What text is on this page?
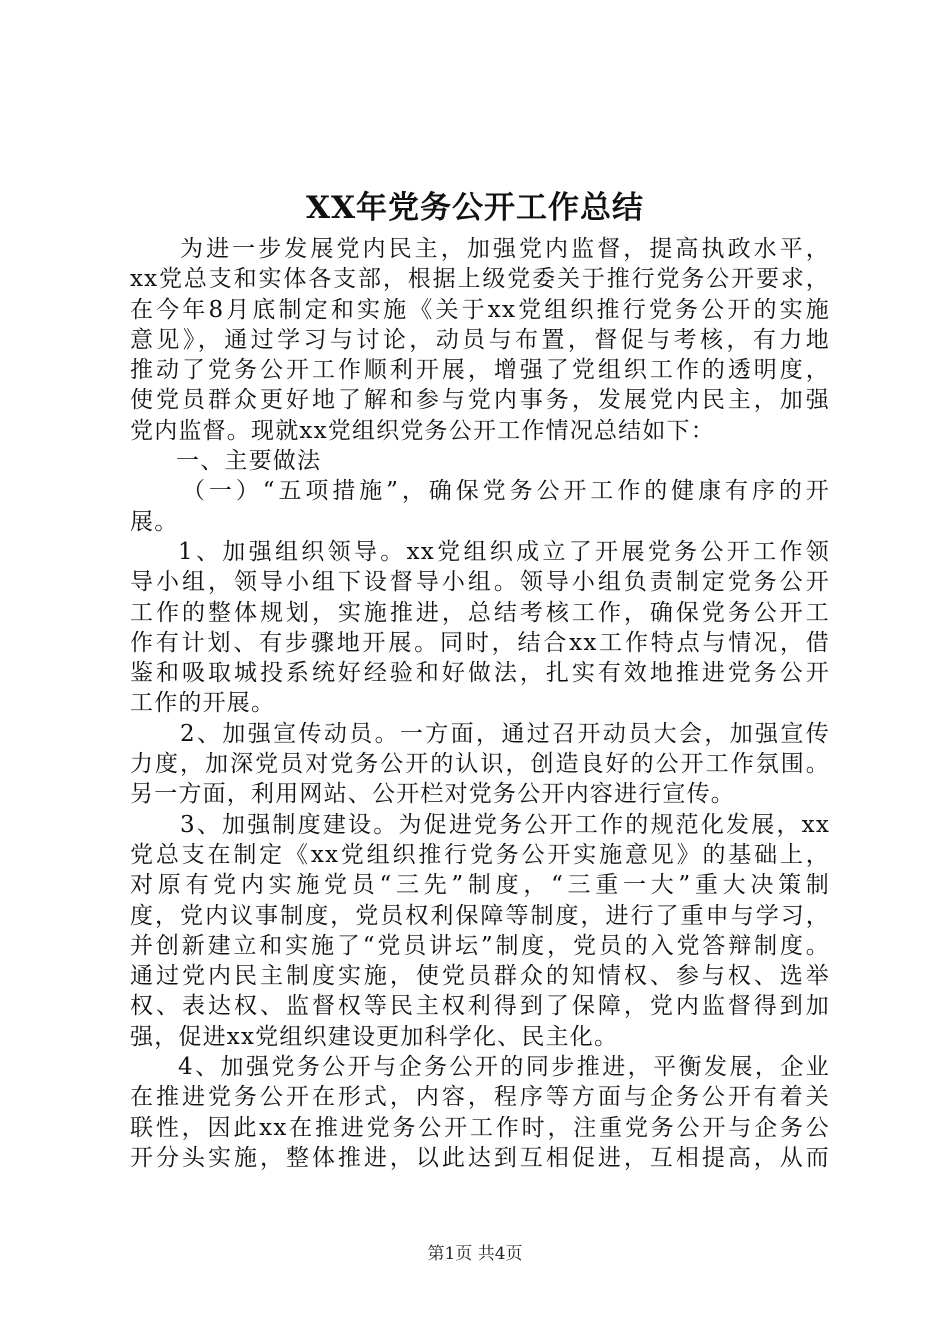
XX年党务公开工作总结
为进一步发展党内民主，加强党内监督，提高执政水平，
xx党总支和实体各支部，根据上级党委关于推行党务公开要求，
在今年8月底制定和实施《关于xx党组织推行党务公开的实施
意见》，通过学习与讨论，动员与布置，督促与考核，有力地
推动了党务公开工作顺利开展，增强了党组织工作的透明度，
使党员群众更好地了解和参与党内事务，发展党内民主，加强
党内监督。现就xx党组织党务公开工作情况总结如下：
一、主要做法
（一）“五项措施”，确保党务公开工作的健康有序的开
展。
1、加强组织领导。xx党组织成立了开展党务公开工作领
导小组，领导小组下设督导小组。领导小组负责制定党务公开
工作的整体规划，实施推进，总结考核工作，确保党务公开工
作有计划、有步骤地开展。同时，结合xx工作特点与情况，借
鉴和吸取城投系统好经验和好做法，扎实有效地推进党务公开
工作的开展。
2、加强宣传动员。一方面，通过召开动员大会，加强宣传
力度，加深党员对党务公开的认识，创造良好的公开工作氛围。
另一方面，利用网站、公开栏对党务公开内容进行宣传。
3、加强制度建设。为促进党务公开工作的规范化发展，xx
党总支在制定《xx党组织推行党务公开实施意见》的基础上，
对原有党内实施党员“三先”制度，“三重一大”重大决策制
度，党内议事制度，党员权利保障等制度，进行了重申与学习，
并创新建立和实施了“党员讲坛”制度，党员的入党答辩制度。
通过党内民主制度实施，使党员群众的知情权、参与权、选举
权、表达权、监督权等民主权利得到了保障，党内监督得到加
强，促进xx党组织建设更加科学化、民主化。
4、加强党务公开与企务公开的同步推进，平衡发展，企业
在推进党务公开在形式，内容，程序等方面与企务公开有着关
联性，因此xx在推进党务公开工作时，注重党务公开与企务公
开分头实施，整体推进，以此达到互相促进，互相提高，从而
第1页 共4页
